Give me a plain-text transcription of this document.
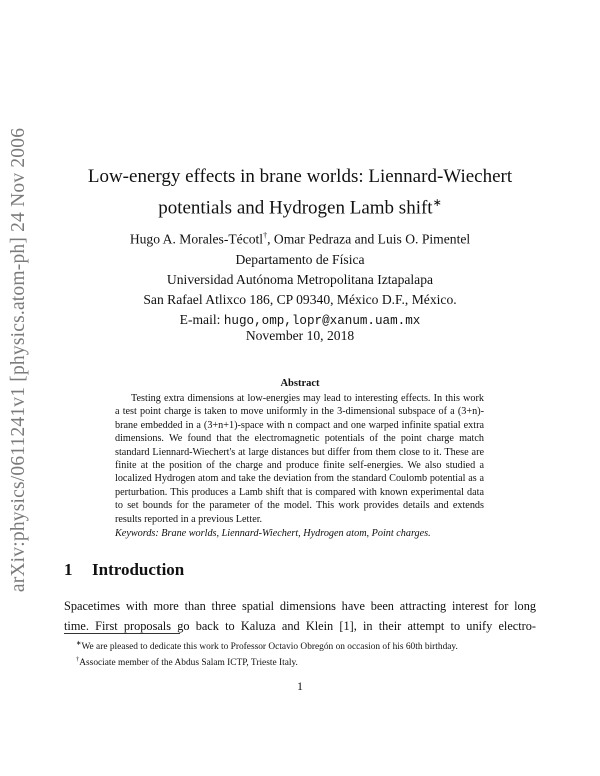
arXiv:physics/0611241v1 [physics.atom-ph] 24 Nov 2006	Low-energy effects in brane worlds: Liennard-Wiechert
potentials and Hydrogen Lamb shift∗
Hugo A. Morales-Técotl†, Omar Pedraza and Luis O. Pimentel
Departamento de Física
Universidad Autónoma Metropolitana Iztapalapa
San Rafael Atlixco 186, CP 09340, México D.F., México.
E-mail: hugo,omp,lopr@xanum.uam.mx
November 10, 2018
Abstract
Testing extra dimensions at low-energies may lead to interesting effects. In this work a test point charge is taken to move uniformly in the 3-dimensional subspace of a (3+n)-brane embedded in a (3+n+1)-space with n compact and one warped infinite spatial extra dimensions. We found that the electromagnetic potentials of the point charge match standard Liennard-Wiechert's at large distances but differ from them close to it. These are finite at the position of the charge and produce finite self-energies. We also studied a localized Hydrogen atom and take the deviation from the standard Coulomb potential as a perturbation. This produces a Lamb shift that is compared with known experimental data to set bounds for the parameter of the model. This work provides details and extends results reported in a previous Letter.
Keywords: Brane worlds, Liennard-Wiechert, Hydrogen atom, Point charges.
1 Introduction
Spacetimes with more than three spatial dimensions have been attracting interest for long
time. First proposals go back to Kaluza and Klein [1], in their attempt to unify electro-
∗We are pleased to dedicate this work to Professor Octavio Obregón on occasion of his 60th birthday.
†Associate member of the Abdus Salam ICTP, Trieste Italy.
1
